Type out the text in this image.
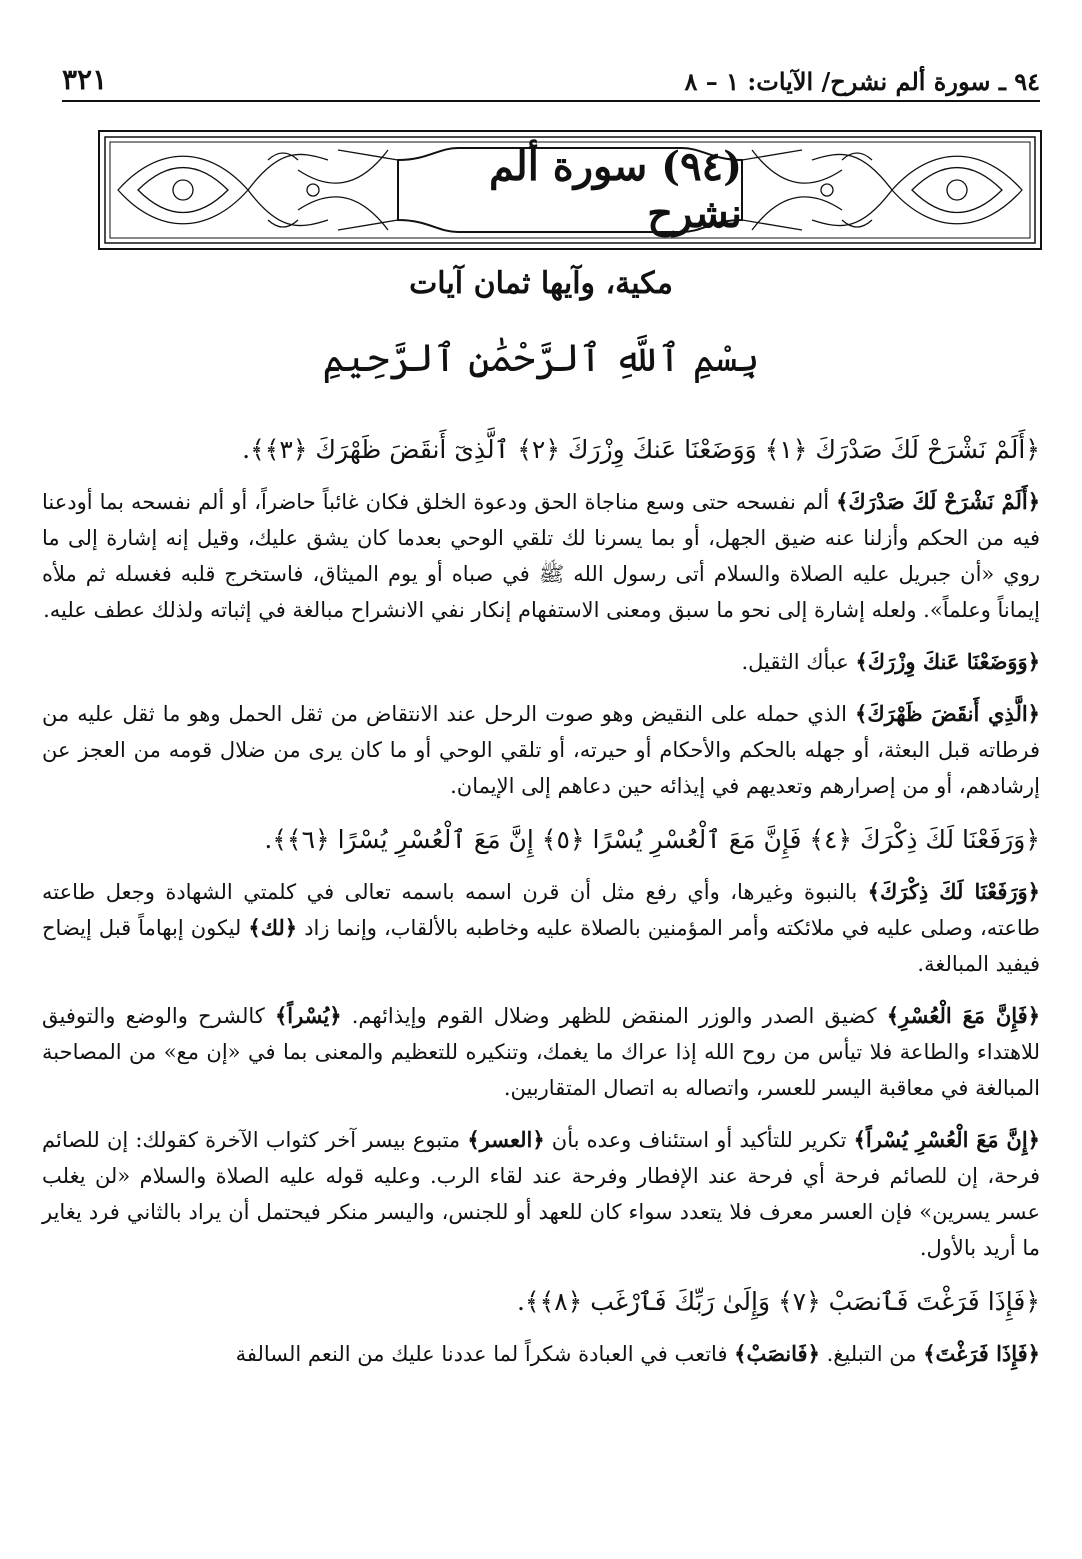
٩٤ ـ سورة ألم نشرح/ الآيات: ١ – ٨
٣٢١
(٩٤) سورة ألم نشرح
مكية، وآيها ثمان آيات
بِسْمِ ٱللَّهِ ٱلرَّحْمَٰنِ ٱلرَّحِيمِ
﴿أَلَمْ نَشْرَحْ لَكَ صَدْرَكَ ﴿١﴾ وَوَضَعْنَا عَنكَ وِزْرَكَ ﴿٢﴾ ٱلَّذِىٓ أَنقَضَ ظَهْرَكَ ﴿٣﴾﴾.

﴿أَلَمْ نَشْرَحْ لَكَ صَدْرَكَ﴾ ألم نفسحه حتى وسع مناجاة الحق ودعوة الخلق فكان غائباً حاضراً، أو ألم نفسحه بما أودعنا فيه من الحكم وأزلنا عنه ضيق الجهل، أو بما يسرنا لك تلقي الوحي بعدما كان يشق عليك، وقيل إنه إشارة إلى ما روي «أن جبريل عليه الصلاة والسلام أتى رسول الله ﷺ في صباه أو يوم الميثاق، فاستخرج قلبه فغسله ثم ملأه إيماناً وعلماً». ولعله إشارة إلى نحو ما سبق ومعنى الاستفهام إنكار نفي الانشراح مبالغة في إثباته ولذلك عطف عليه.

﴿وَوَضَعْنَا عَنكَ وِزْرَكَ﴾ عبأك الثقيل.

﴿الَّذِي أَنقَضَ ظَهْرَكَ﴾ الذي حمله على النقيض وهو صوت الرحل عند الانتقاض من ثقل الحمل وهو ما ثقل عليه من فرطاته قبل البعثة، أو جهله بالحكم والأحكام أو حيرته، أو تلقي الوحي أو ما كان يرى من ضلال قومه من العجز عن إرشادهم، أو من إصرارهم وتعديهم في إيذائه حين دعاهم إلى الإيمان.

﴿وَرَفَعْنَا لَكَ ذِكْرَكَ ﴿٤﴾ فَإِنَّ مَعَ ٱلْعُسْرِ يُسْرًا ﴿٥﴾ إِنَّ مَعَ ٱلْعُسْرِ يُسْرًا ﴿٦﴾﴾.

﴿وَرَفَعْنَا لَكَ ذِكْرَكَ﴾ بالنبوة وغيرها، وأي رفع مثل أن قرن اسمه باسمه تعالى في كلمتي الشهادة وجعل طاعته طاعته، وصلى عليه في ملائكته وأمر المؤمنين بالصلاة عليه وخاطبه بالألقاب، وإنما زاد ﴿لك﴾ ليكون إبهاماً قبل إيضاح فيفيد المبالغة.

﴿فَإِنَّ مَعَ الْعُسْرِ﴾ كضيق الصدر والوزر المنقض للظهر وضلال القوم وإيذائهم. ﴿يُسْراً﴾ كالشرح والوضع والتوفيق للاهتداء والطاعة فلا تيأس من روح الله إذا عراك ما يغمك، وتنكيره للتعظيم والمعنى بما في «إن مع» من المصاحبة المبالغة في معاقبة اليسر للعسر، واتصاله به اتصال المتقاربين.

﴿إِنَّ مَعَ الْعُسْرِ يُسْراً﴾ تكرير للتأكيد أو استئناف وعده بأن ﴿العسر﴾ متبوع بيسر آخر كثواب الآخرة كقولك: إن للصائم فرحة، إن للصائم فرحة أي فرحة عند الإفطار وفرحة عند لقاء الرب. وعليه قوله عليه الصلاة والسلام «لن يغلب عسر يسرين» فإن العسر معرف فلا يتعدد سواء كان للعهد أو للجنس، واليسر منكر فيحتمل أن يراد بالثاني فرد يغاير ما أريد بالأول.

﴿فَإِذَا فَرَغْتَ فَٱنصَبْ ﴿٧﴾ وَإِلَىٰ رَبِّكَ فَٱرْغَب ﴿٨﴾﴾.

﴿فَإِذَا فَرَغْتَ﴾ من التبليغ. ﴿فَانصَبْ﴾ فاتعب في العبادة شكراً لما عددنا عليك من النعم السالفة
